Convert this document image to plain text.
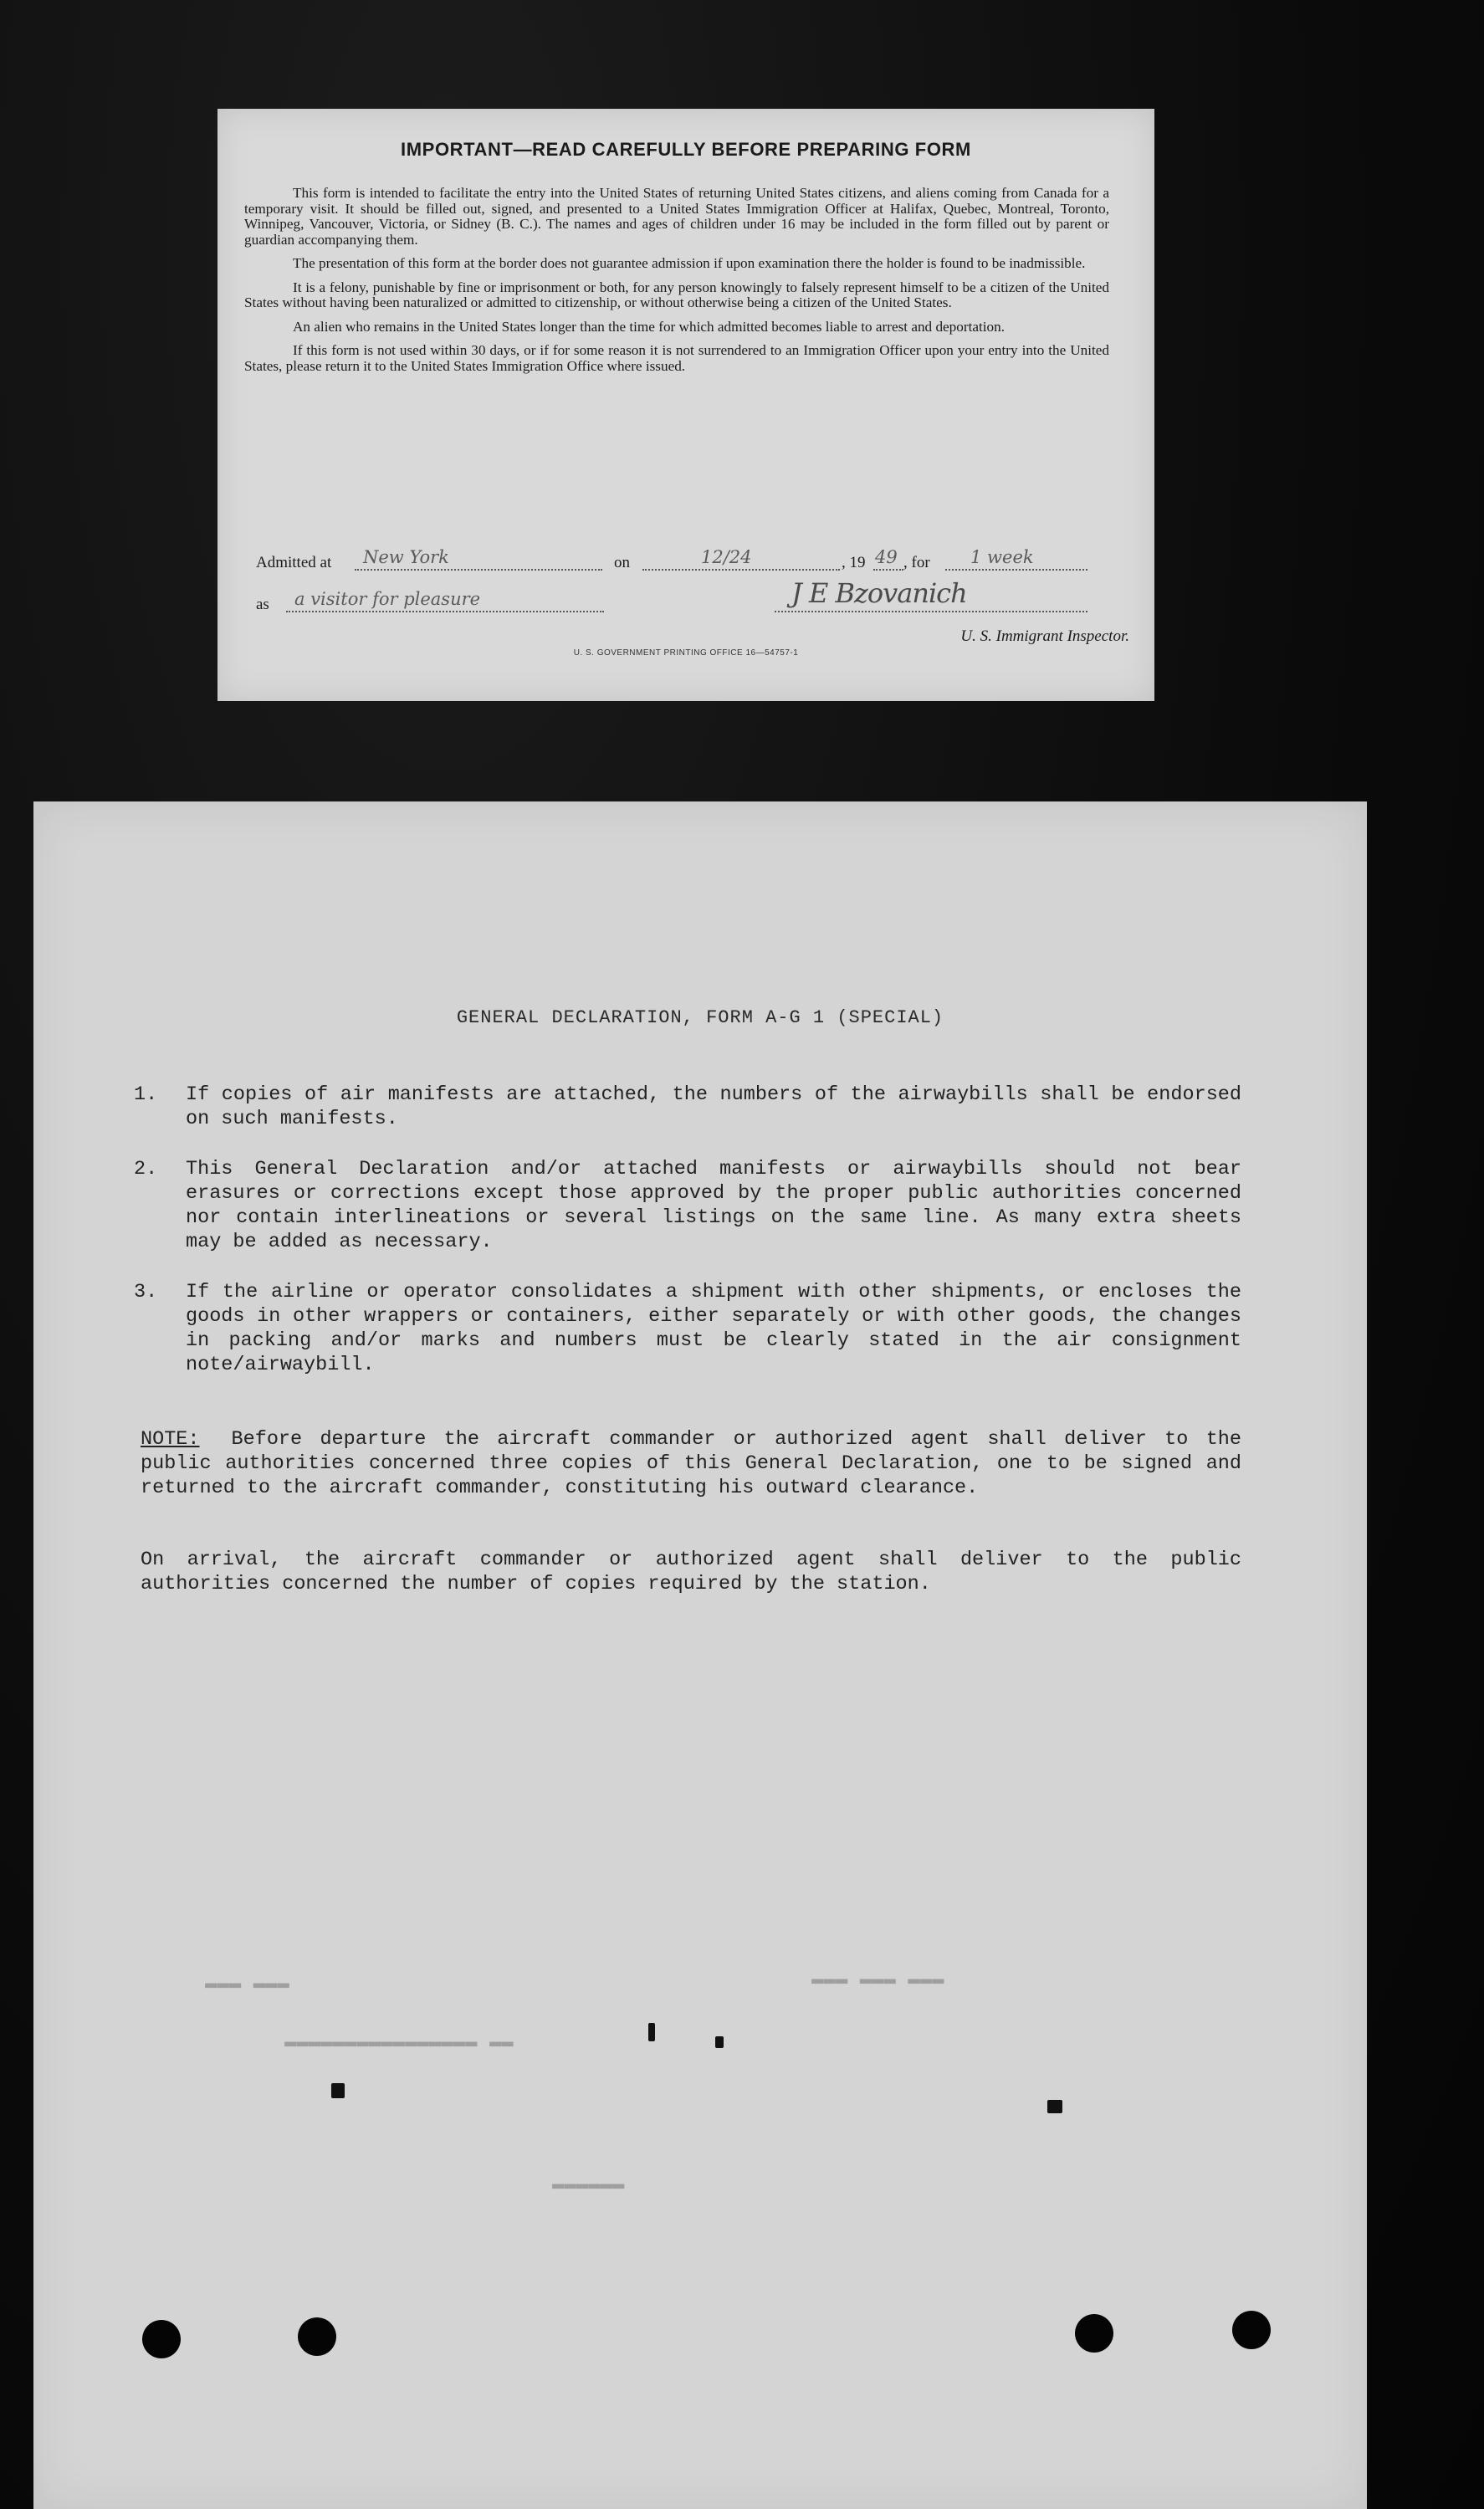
IMPORTANT—READ CAREFULLY BEFORE PREPARING FORM

This form is intended to facilitate the entry into the United States of returning United States citizens, and aliens coming from Canada for a temporary visit. It should be filled out, signed, and presented to a United States Immigration Officer at Halifax, Quebec, Montreal, Toronto, Winnipeg, Vancouver, Victoria, or Sidney (B. C.). The names and ages of children under 16 may be included in the form filled out by parent or guardian accompanying them.

The presentation of this form at the border does not guarantee admission if upon examination there the holder is found to be inadmissible.

It is a felony, punishable by fine or imprisonment or both, for any person knowingly to falsely represent himself to be a citizen of the United States without having been naturalized or admitted to citizenship, or without otherwise being a citizen of the United States.

An alien who remains in the United States longer than the time for which admitted becomes liable to arrest and deportation.

If this form is not used within 30 days, or if for some reason it is not surrendered to an Immigration Officer upon your entry into the United States, please return it to the United States Immigration Office where issued.

Admitted at New York	on	12/24	, 19 49 , for 1 week
as a visitor for pleasure	J E Bzovanich
U. S. Immigrant Inspector.
U. S. GOVERNMENT PRINTING OFFICE 16—54757-1
GENERAL DECLARATION, FORM A-G 1 (SPECIAL)
1. If copies of air manifests are attached, the numbers of the airwaybills shall be endorsed on such manifests.
2. This General Declaration and/or attached manifests or airwaybills should not bear erasures or corrections except those approved by the proper public authorities concerned nor contain interlineations or several listings on the same line. As many extra sheets may be added as necessary.
3. If the airline or operator consolidates a shipment with other shipments, or encloses the goods in other wrappers or containers, either separately or with other goods, the changes in packing and/or marks and numbers must be clearly stated in the air consignment note/airwaybill.
NOTE: Before departure the aircraft commander or authorized agent shall deliver to the public authorities concerned three copies of this General Declaration, one to be signed and returned to the aircraft commander, constituting his outward clearance.
On arrival, the aircraft commander or authorized agent shall deliver to the public authorities concerned the number of copies required by the station.
▬▬▬ ▬▬▬	▬▬▬ ▬▬▬ ▬▬▬
▬▬ ▬▬▬▬▬▬▬▬▬▬▬▬▬▬▬▬
▬▬▬▬▬▬
